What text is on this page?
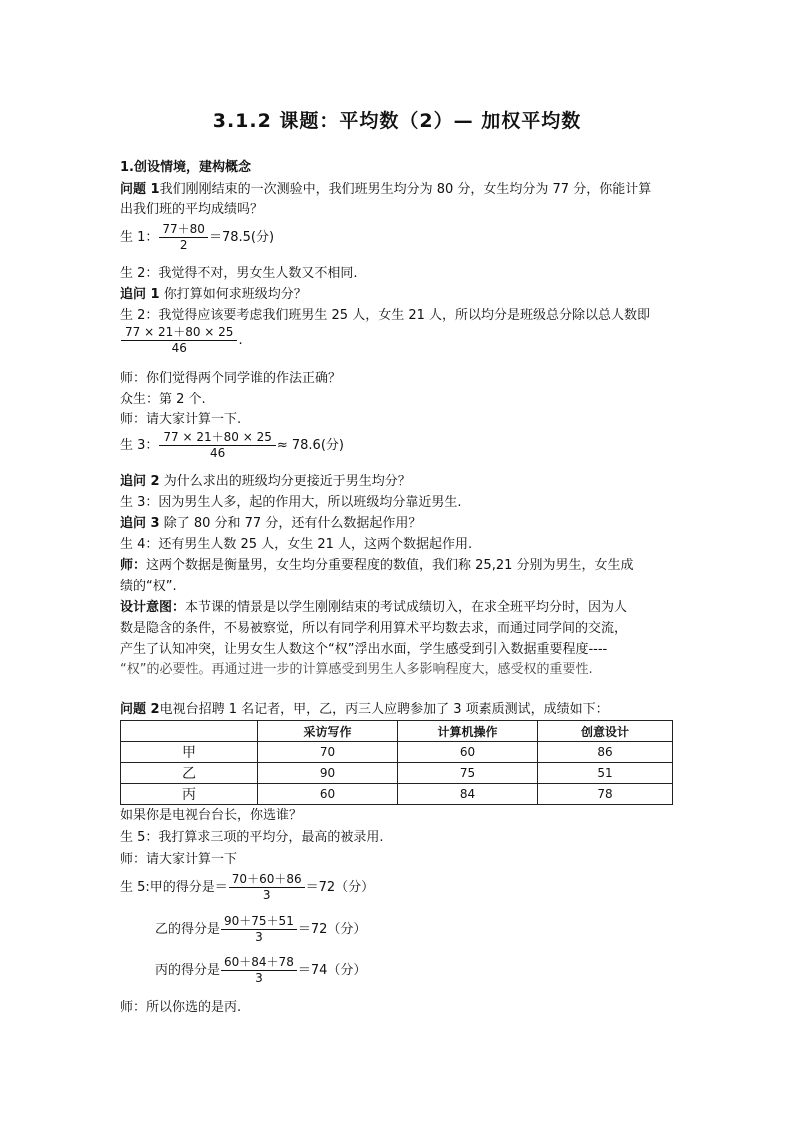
3.1.2 课题：平均数（2）— 加权平均数
1.创设情境，建构概念
问题 1我们刚刚结束的一次测验中，我们班男生均分为 80 分，女生均分为 77 分，你能计算
出我们班的平均成绩吗？
生 1： $\frac{77+80}{2} =78.5$(分)
生 2：我觉得不对，男女生人数又不相同.
追问 1 你打算如何求班级均分？
生 2：我觉得应该要考虑我们班男生 25 人，女生 21 人，所以均分是班级总分除以总人数即
$\frac{77 \times 21+80 \times 25}{46}$ .
师：你们觉得两个同学谁的作法正确？
众生：第 2 个.
师：请大家计算一下.
生 3： $\frac{77 \times 21+80 \times 25}{46} \approx 78.6$(分)
追问 2 为什么求出的班级均分更接近于男生均分？
生 3：因为男生人多，起的作用大，所以班级均分靠近男生.
追问 3 除了 80 分和 77 分，还有什么数据起作用？
生 4：还有男生人数 25 人，女生 21 人，这两个数据起作用.
师：这两个数据是衡量男，女生均分重要程度的数值，我们称 25,21 分别为男生，女生成
绩的“权”.
设计意图：本节课的情景是以学生刚刚结束的考试成绩切入，在求全班平均分时，因为人
数是隐含的条件，不易被察觉，所以有同学利用算术平均数去求，而通过同学间的交流，
产生了认知冲突，让男女生人数这个“权”浮出水面，学生感受到引入数据重要程度----
“权”的必要性。再通过进一步的计算感受到男生人多影响程度大，感受权的重要性.
问题 2电视台招聘 1 名记者，甲，乙，丙三人应聘参加了 3 项素质测试，成绩如下：
	采访写作	计算机操作	创意设计
甲	70	60	86
乙	90	75	51
丙	60	84	78
如果你是电视台台长，你选谁？
生 5：我打算求三项的平均分，最高的被录用.
师：请大家计算一下
生 5:甲的得分是＝ $\frac{70+60+86}{3} =72$（分）
乙的得分是 $\frac{90+75+51}{3} =72$（分）
丙的得分是 $\frac{60+84+78}{3} =74$（分）
师：所以你选的是丙.
